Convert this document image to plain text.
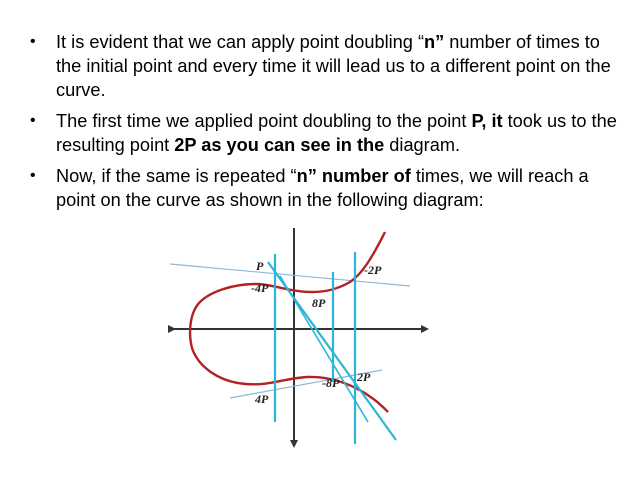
• It is evident that we can apply point doubling “n” number of times to the initial point and every time it will lead us to a different point on the curve.
• The first time we applied point doubling to the point P, it took us to the resulting point 2P as you can see in the diagram.
• Now, if the same is repeated “n” number of times, we will reach a point on the curve as shown in the following diagram:
P
-4P
8P
-2P
2P
-8P
4P
